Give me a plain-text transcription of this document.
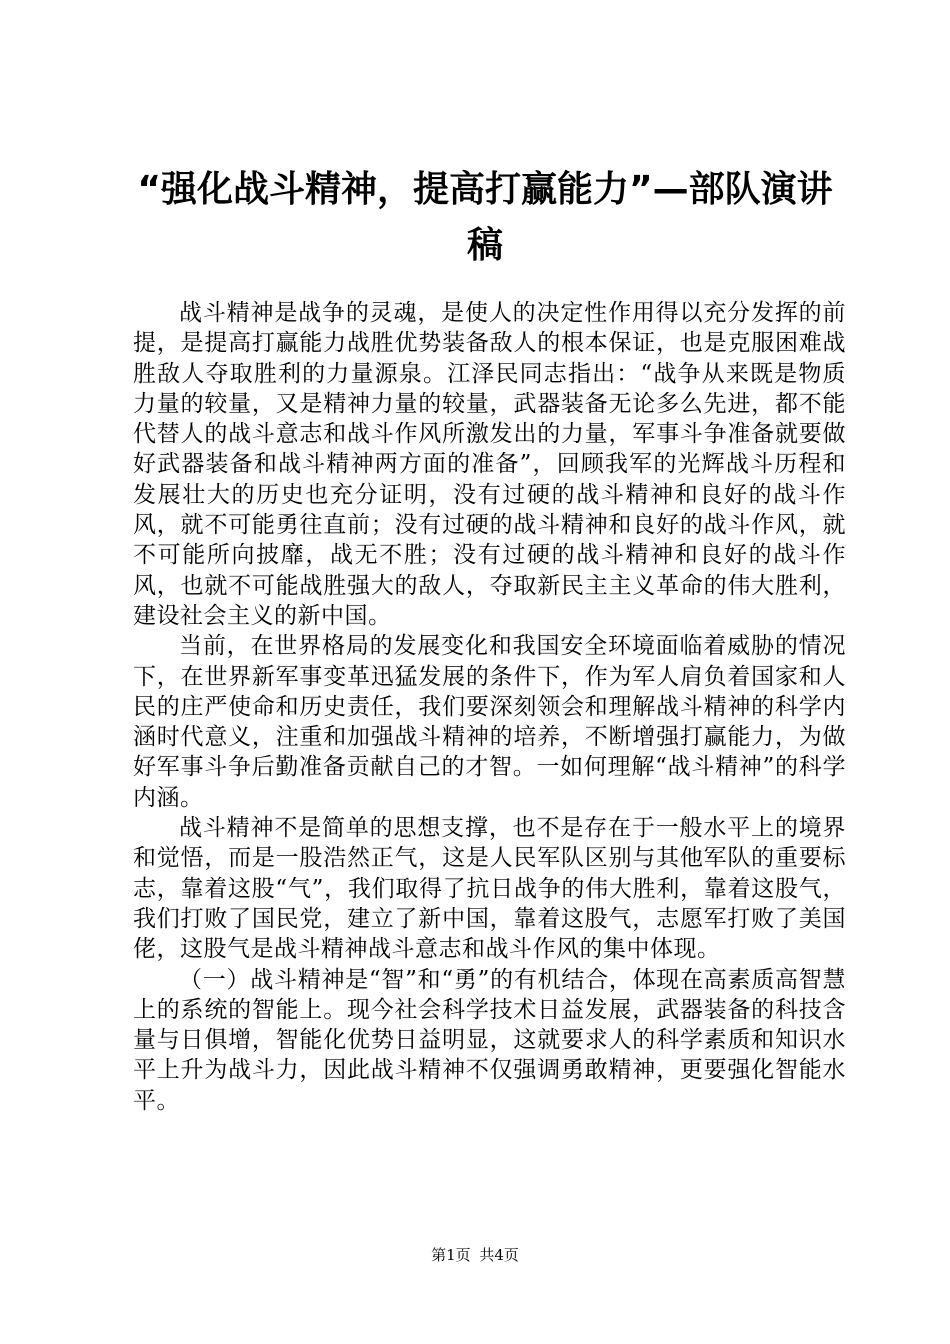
“强化战斗精神，提高打赢能力”—部队演讲稿

战斗精神是战争的灵魂，是使人的决定性作用得以充分发挥的前提，是提高打赢能力战胜优势装备敌人的根本保证，也是克服困难战胜敌人夺取胜利的力量源泉。江泽民同志指出：“战争从来既是物质力量的较量，又是精神力量的较量，武器装备无论多么先进，都不能代替人的战斗意志和战斗作风所激发出的力量，军事斗争准备就要做好武器装备和战斗精神两方面的准备”，回顾我军的光辉战斗历程和发展壮大的历史也充分证明，没有过硬的战斗精神和良好的战斗作风，就不可能勇往直前；没有过硬的战斗精神和良好的战斗作风，就不可能所向披靡，战无不胜；没有过硬的战斗精神和良好的战斗作风，也就不可能战胜强大的敌人，夺取新民主主义革命的伟大胜利，建设社会主义的新中国。

当前，在世界格局的发展变化和我国安全环境面临着威胁的情况下，在世界新军事变革迅猛发展的条件下，作为军人肩负着国家和人民的庄严使命和历史责任，我们要深刻领会和理解战斗精神的科学内涵时代意义，注重和加强战斗精神的培养，不断增强打赢能力，为做好军事斗争后勤准备贡献自己的才智。一如何理解“战斗精神”的科学内涵。

战斗精神不是简单的思想支撑，也不是存在于一般水平上的境界和觉悟，而是一股浩然正气，这是人民军队区别与其他军队的重要标志，靠着这股“气”，我们取得了抗日战争的伟大胜利，靠着这股气，我们打败了国民党，建立了新中国，靠着这股气，志愿军打败了美国佬，这股气是战斗精神战斗意志和战斗作风的集中体现。

（一）战斗精神是“智”和“勇”的有机结合，体现在高素质高智慧上的系统的智能上。现今社会科学技术日益发展，武器装备的科技含量与日俱增，智能化优势日益明显，这就要求人的科学素质和知识水平上升为战斗力，因此战斗精神不仅强调勇敢精神，更要强化智能水平。

第1页 共4页
